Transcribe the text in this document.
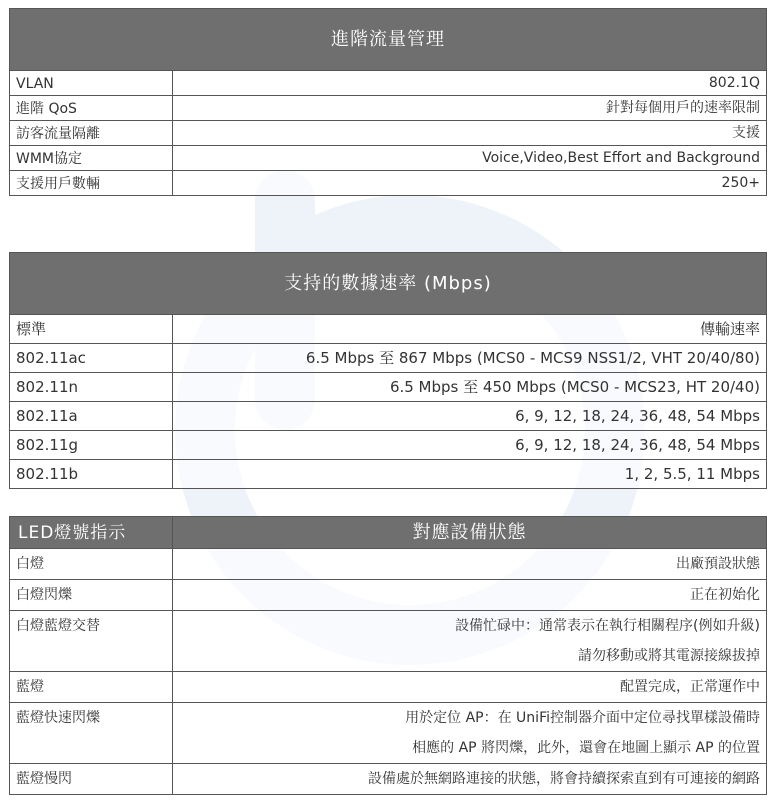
進階流量管理	
VLAN	802.1Q
進階 QoS	針對每個用戶的速率限制
訪客流量隔離	支援
WMM協定	Voice,Video,Best Effort and Background
支援用戶數輛	250+
支持的數據速率 (Mbps)	
標準	傳輸速率
802.11ac	6.5 Mbps 至 867 Mbps (MCS0 - MCS9 NSS1/2, VHT 20/40/80)
802.11n	6.5 Mbps 至 450 Mbps (MCS0 - MCS23, HT 20/40)
802.11a	6, 9, 12, 18, 24, 36, 48, 54 Mbps
802.11g	6, 9, 12, 18, 24, 36, 48, 54 Mbps
802.11b	1, 2, 5.5, 11 Mbps
LED燈號指示	對應設備狀態
白燈	出廠預設狀態

白燈閃爍	正在初始化

白燈藍燈交替	設備忙碌中：通常表示在執行相關程序(例如升級)
請勿移動或將其電源接線拔掉

藍燈	配置完成，正常運作中

藍燈快速閃爍	用於定位 AP：在 UniFi控制器介面中定位尋找單樣設備時
相應的 AP 將閃爍，此外，還會在地圖上顯示 AP 的位置

藍燈慢閃	設備處於無網路連接的狀態，將會持續探索直到有可連接的網路
